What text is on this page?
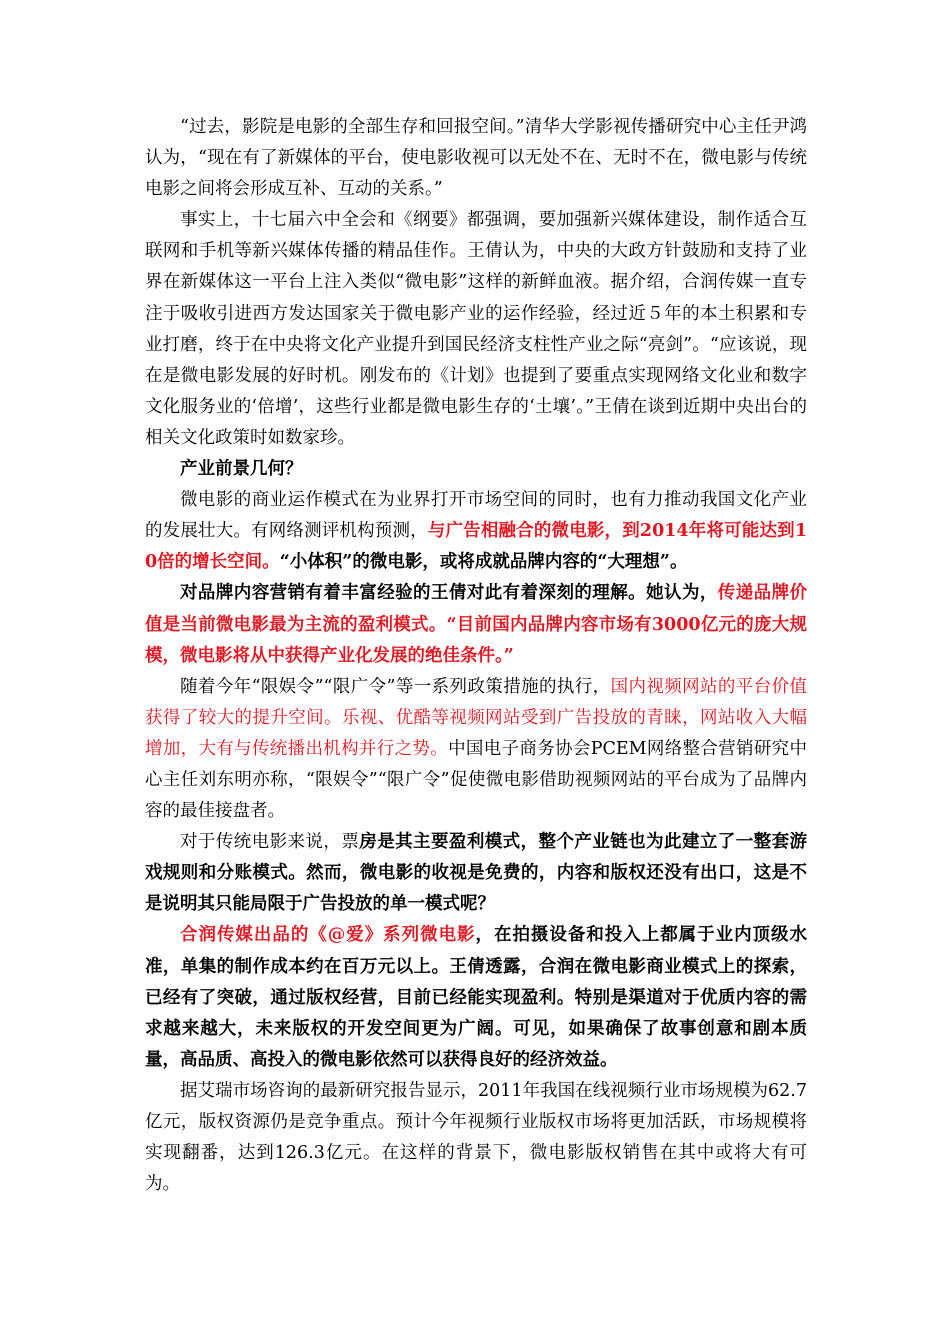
“过去，影院是电影的全部生存和回报空间。”清华大学影视传播研究中心主任尹鸿认为，“现在有了新媒体的平台，使电影收视可以无处不在、无时不在，微电影与传统电影之间将会形成互补、互动的关系。”

事实上，十七届六中全会和《纲要》都强调，要加强新兴媒体建设，制作适合互联网和手机等新兴媒体传播的精品佳作。王倩认为，中央的大政方针鼓励和支持了业界在新媒体这一平台上注入类似“微电影”这样的新鲜血液。据介绍，合润传媒一直专注于吸收引进西方发达国家关于微电影产业的运作经验，经过近５年的本土积累和专业打磨，终于在中央将文化产业提升到国民经济支柱性产业之际“亮剑”。“应该说，现在是微电影发展的好时机。刚发布的《计划》也提到了要重点实现网络文化业和数字文化服务业的‘倍增’，这些行业都是微电影生存的‘土壤’。”王倩在谈到近期中央出台的相关文化政策时如数家珍。

产业前景几何？

微电影的商业运作模式在为业界打开市场空间的同时，也有力推动我国文化产业的发展壮大。有网络测评机构预测，与广告相融合的微电影，到2014年将可能达到10倍的增长空间。“小体积”的微电影，或将成就品牌内容的“大理想”。

对品牌内容营销有着丰富经验的王倩对此有着深刻的理解。她认为，传递品牌价值是当前微电影最为主流的盈利模式。“目前国内品牌内容市场有3000亿元的庞大规模，微电影将从中获得产业化发展的绝佳条件。”

随着今年“限娱令”“限广令”等一系列政策措施的执行，国内视频网站的平台价值获得了较大的提升空间。乐视、优酷等视频网站受到广告投放的青睐，网站收入大幅增加，大有与传统播出机构并行之势。中国电子商务协会PCEM网络整合营销研究中心主任刘东明亦称，“限娱令”“限广令”促使微电影借助视频网站的平台成为了品牌内容的最佳接盘者。

对于传统电影来说，票房是其主要盈利模式，整个产业链也为此建立了一整套游戏规则和分账模式。然而，微电影的收视是免费的，内容和版权还没有出口，这是不是说明其只能局限于广告投放的单一模式呢？

合润传媒出品的《@爱》系列微电影，在拍摄设备和投入上都属于业内顶级水准，单集的制作成本约在百万元以上。王倩透露，合润在微电影商业模式上的探索，已经有了突破，通过版权经营，目前已经能实现盈利。特别是渠道对于优质内容的需求越来越大，未来版权的开发空间更为广阔。可见，如果确保了故事创意和剧本质量，高品质、高投入的微电影依然可以获得良好的经济效益。

据艾瑞市场咨询的最新研究报告显示，2011年我国在线视频行业市场规模为62.7亿元，版权资源仍是竞争重点。预计今年视频行业版权市场将更加活跃，市场规模将实现翻番，达到126.3亿元。在这样的背景下，微电影版权销售在其中或将大有可为。
